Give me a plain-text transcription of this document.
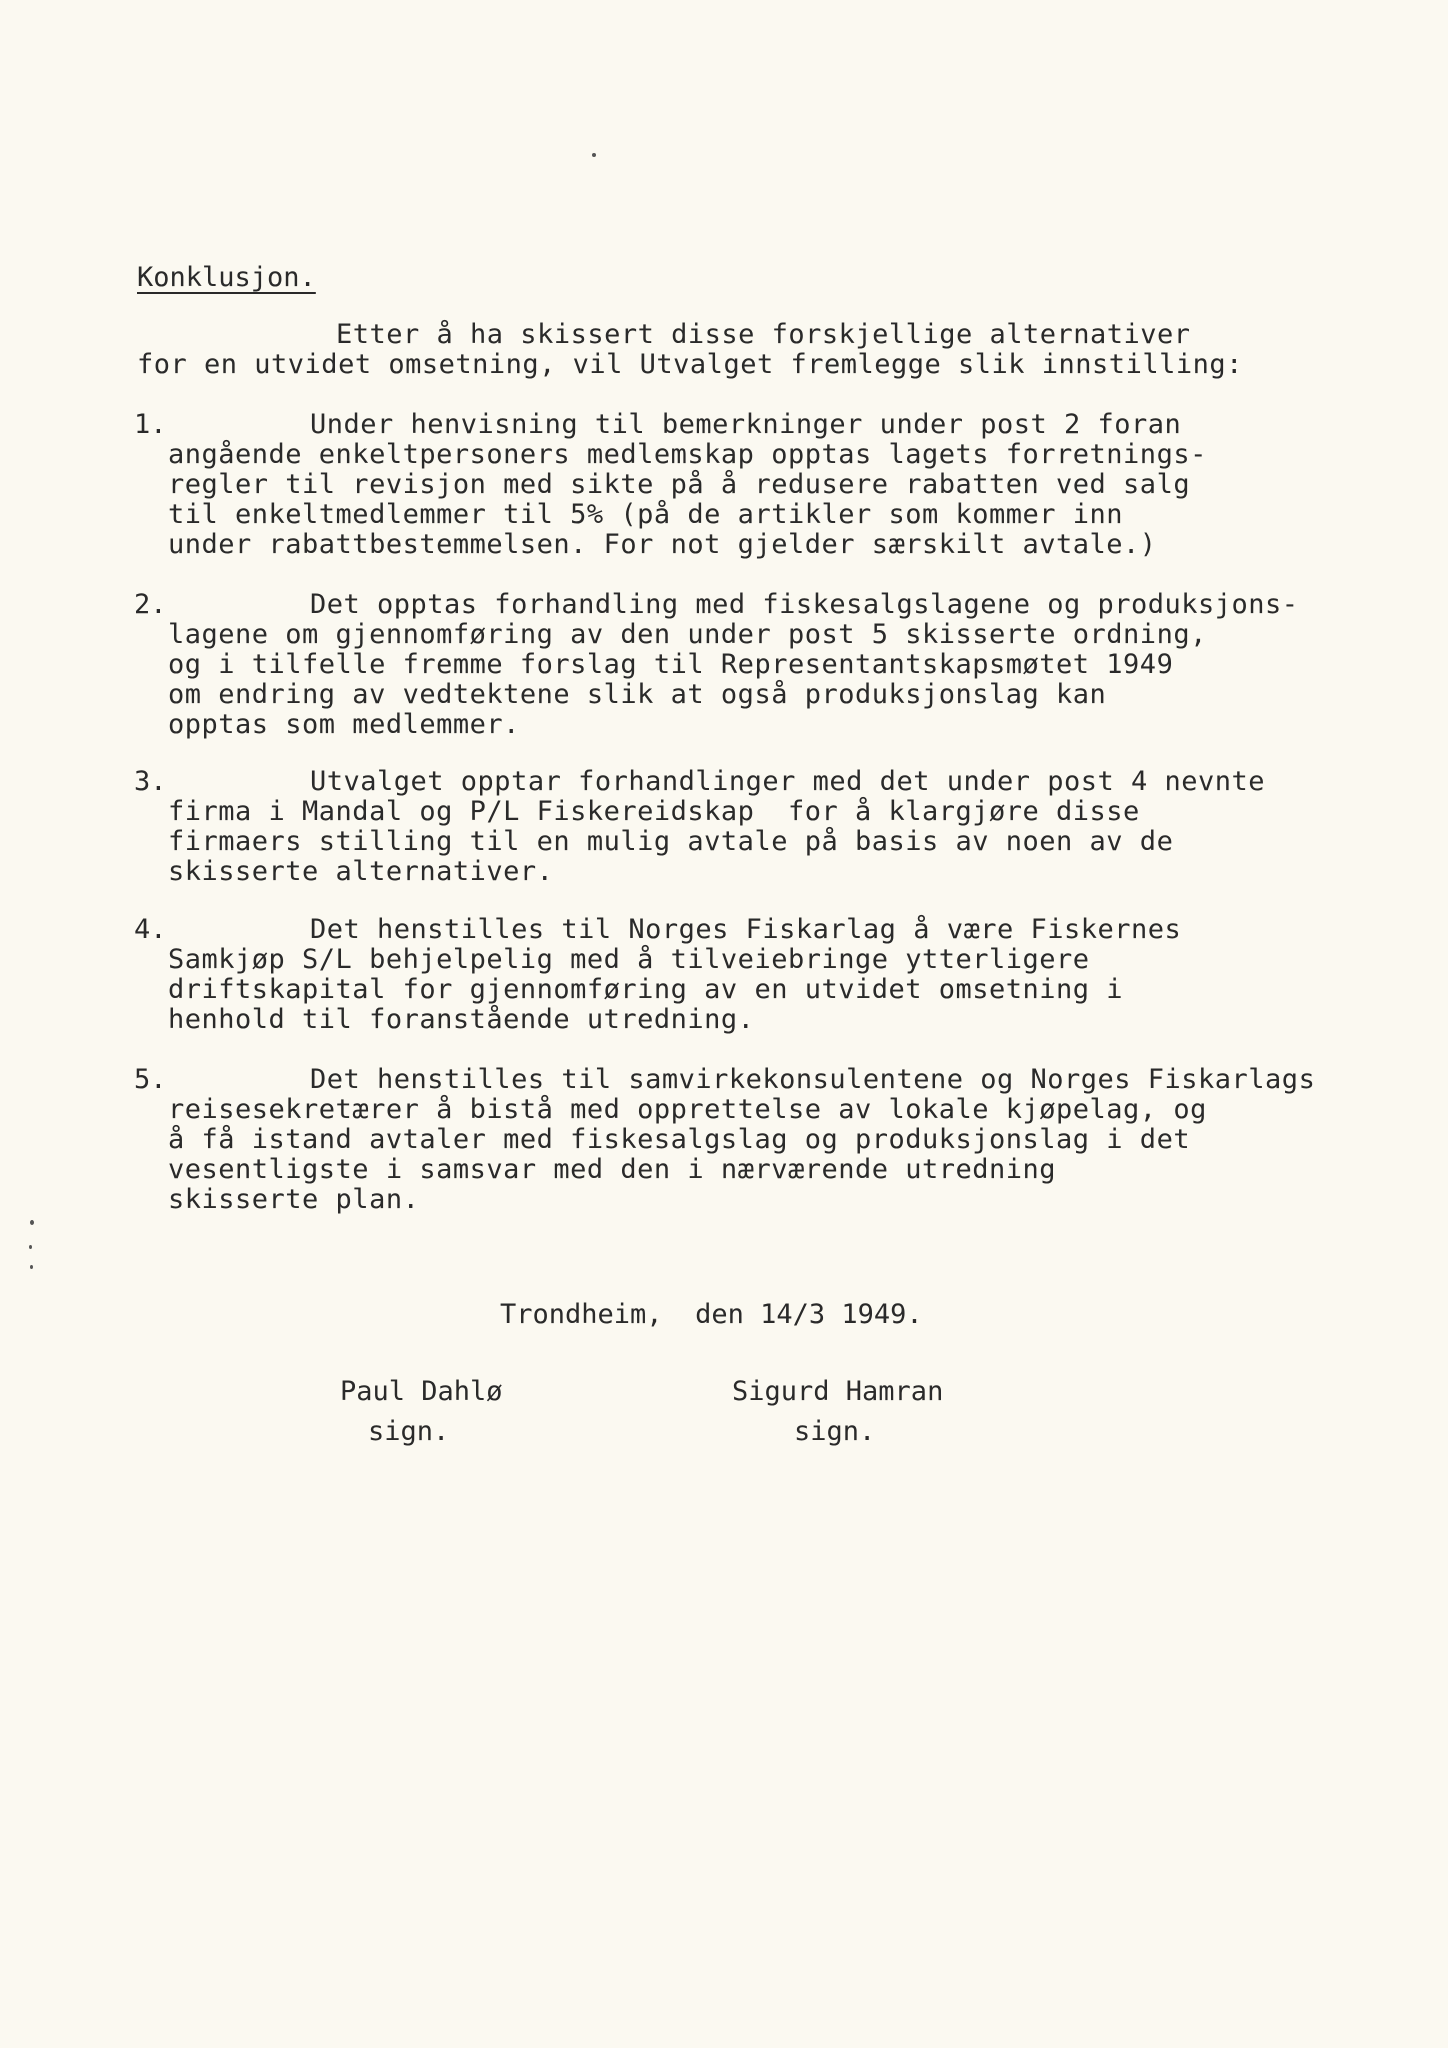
Konklusjon.
Etter å ha skissert disse forskjellige alternativer
for en utvidet omsetning, vil Utvalget fremlegge slik innstilling:
1.	Under henvisning til bemerkninger under post 2 foran
angående enkeltpersoners medlemskap opptas lagets forretnings-
regler til revisjon med sikte på å redusere rabatten ved salg
til enkeltmedlemmer til 5% (på de artikler som kommer inn
under rabattbestemmelsen. For not gjelder særskilt avtale.)
2.	Det opptas forhandling med fiskesalgslagene og produksjons-
lagene om gjennomføring av den under post 5 skisserte ordning,
og i tilfelle fremme forslag til Representantskapsmøtet 1949
om endring av vedtektene slik at også produksjonslag kan
opptas som medlemmer.
3.	Utvalget opptar forhandlinger med det under post 4 nevnte
firma i Mandal og P/L Fiskereidskap  for å klargjøre disse
firmaers stilling til en mulig avtale på basis av noen av de
skisserte alternativer.
4.	Det henstilles til Norges Fiskarlag å være Fiskernes
Samkjøp S/L behjelpelig med å tilveiebringe ytterligere
driftskapital for gjennomføring av en utvidet omsetning i
henhold til foranstående utredning.
5.	Det henstilles til samvirkekonsulentene og Norges Fiskarlags
reisesekretærer å bistå med opprettelse av lokale kjøpelag, og
å få istand avtaler med fiskesalgslag og produksjonslag i det
vesentligste i samsvar med den i nærværende utredning
skisserte plan.
Trondheim,  den 14/3 1949.
Paul Dahlø
sign.
Sigurd Hamran
sign.
